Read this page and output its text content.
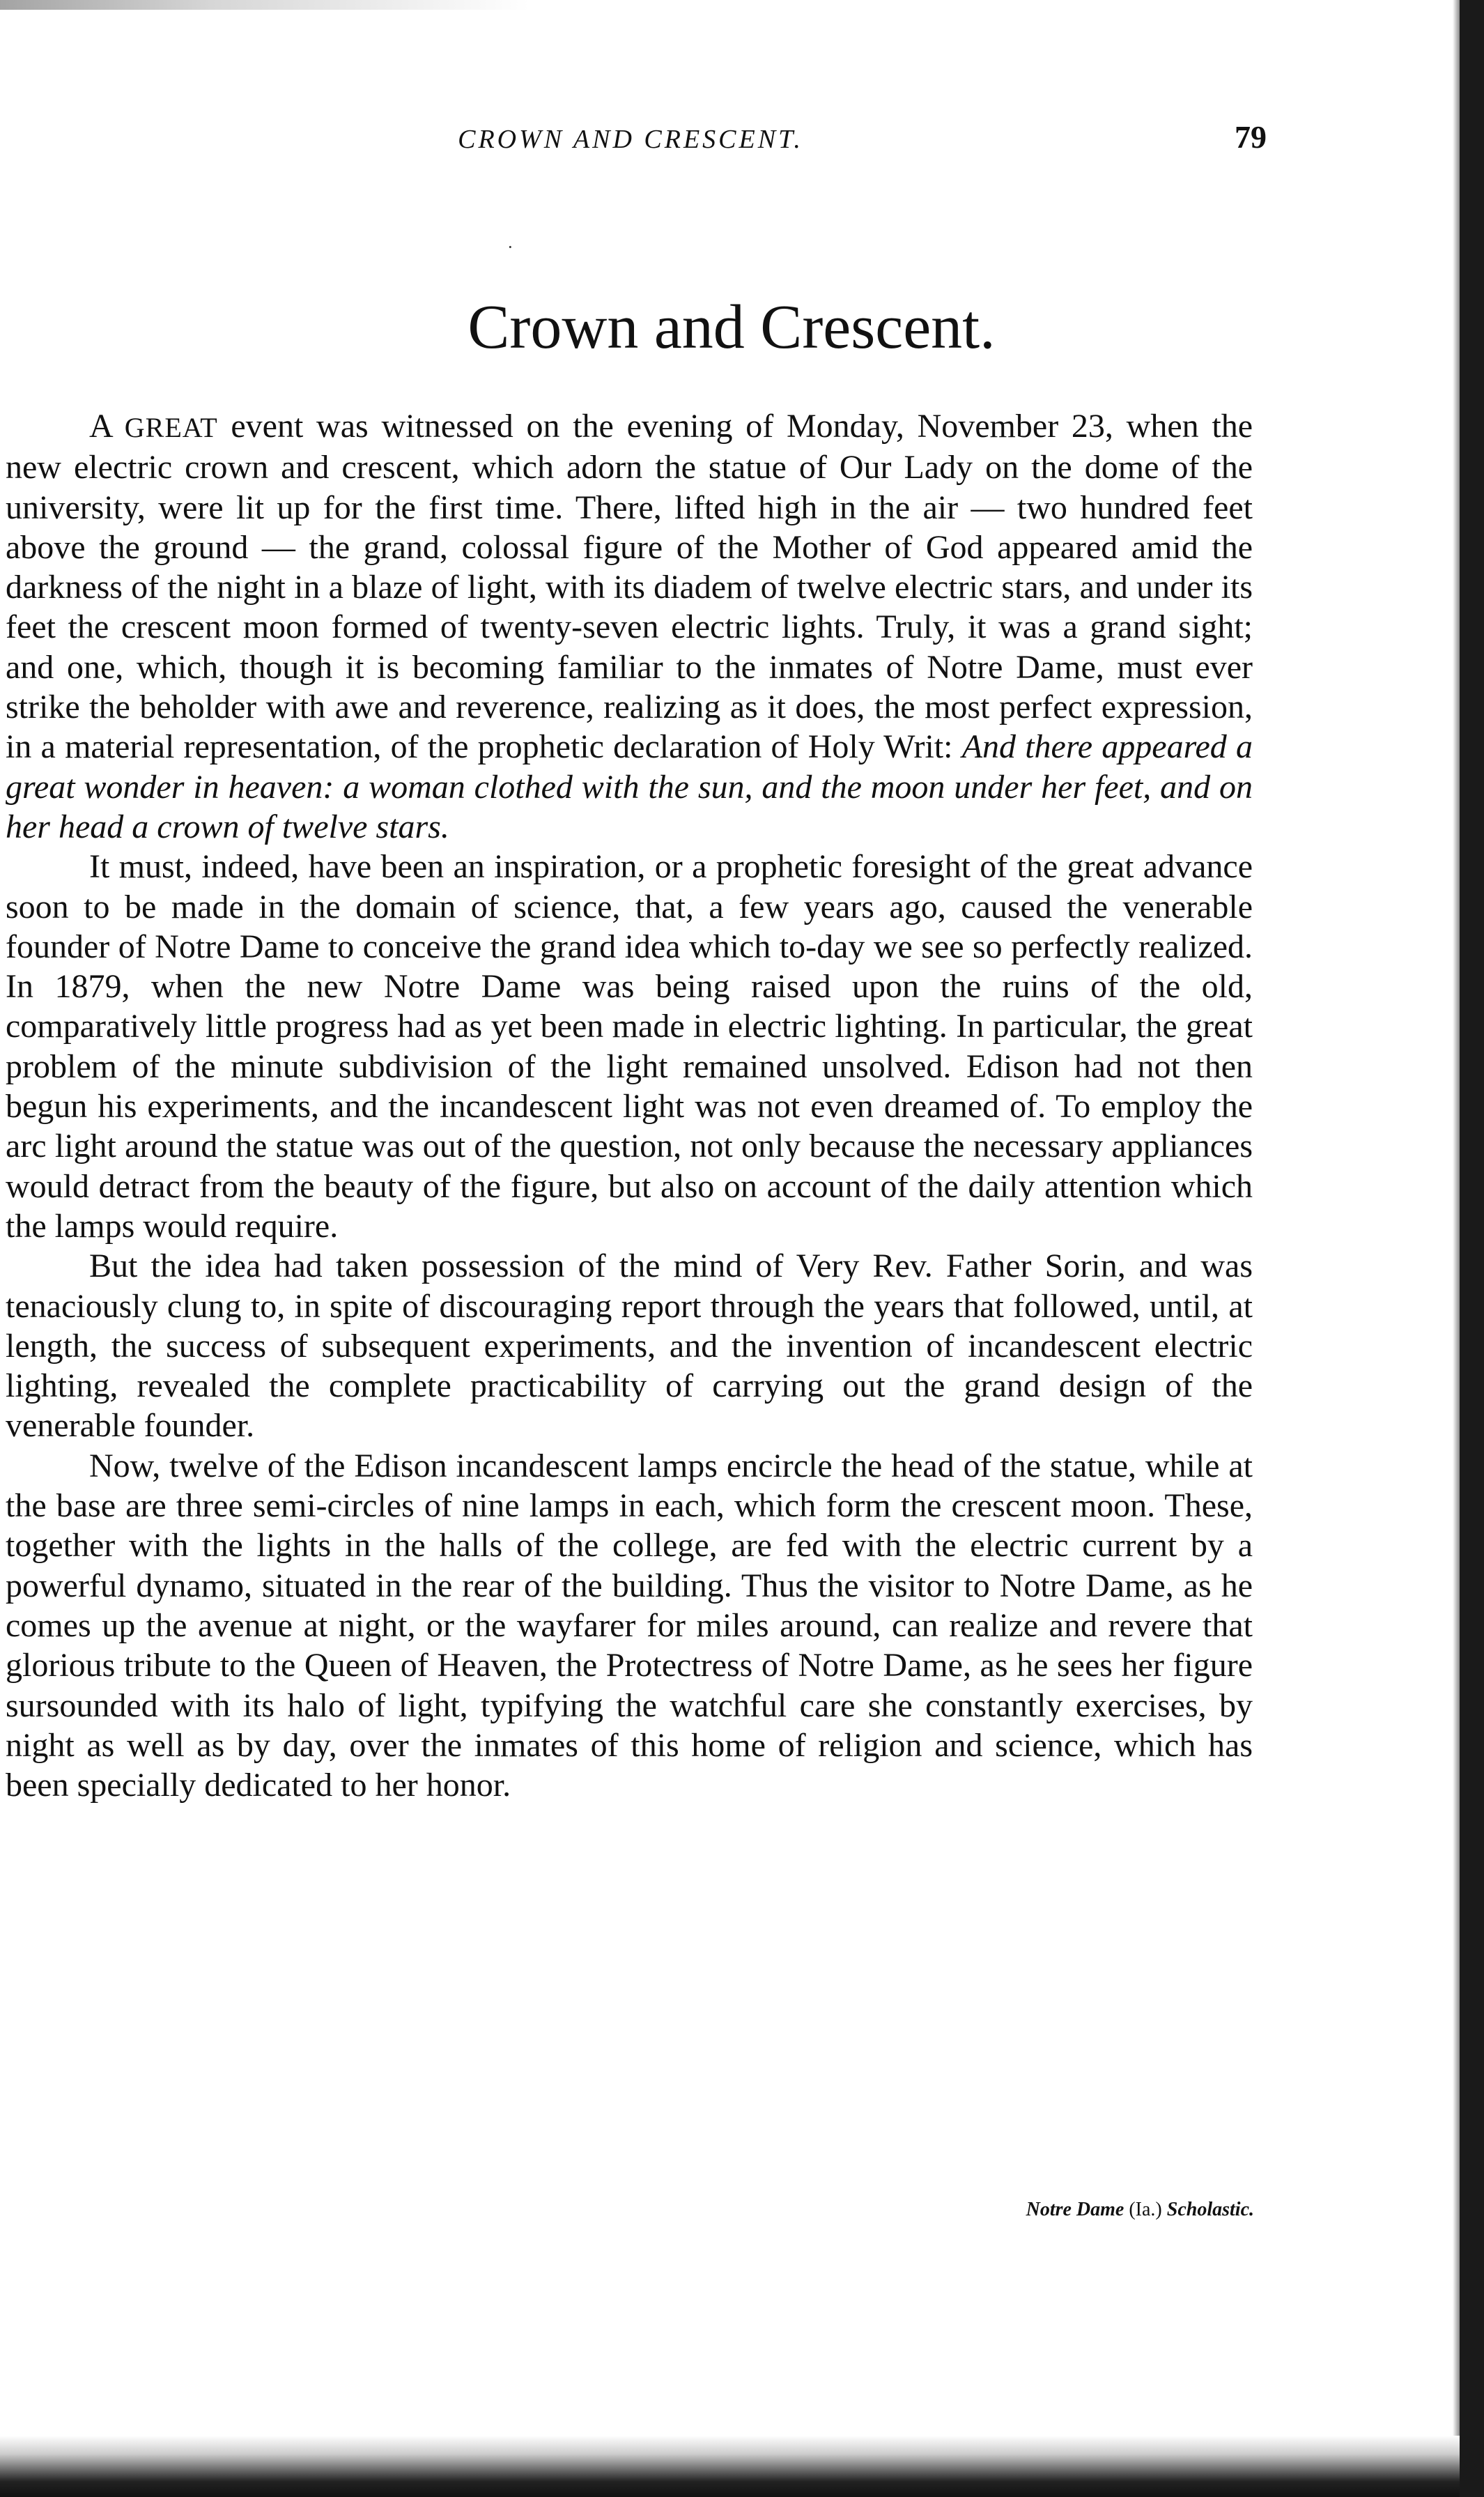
CROWN AND CRESCENT.	79
·
Crown and Crescent.

A GREAT event was witnessed on the evening of Monday, November 23, when the new electric crown and crescent, which adorn the statue of Our Lady on the dome of the university, were lit up for the first time. There, lifted high in the air — two hundred feet above the ground — the grand, colossal figure of the Mother of God appeared amid the darkness of the night in a blaze of light, with its diadem of twelve electric stars, and under its feet the crescent moon formed of twenty-seven electric lights. Truly, it was a grand sight; and one, which, though it is becoming familiar to the inmates of Notre Dame, must ever strike the beholder with awe and reverence, realizing as it does, the most perfect expression, in a material representation, of the prophetic declaration of Holy Writ: And there appeared a great wonder in heaven: a woman clothed with the sun, and the moon under her feet, and on her head a crown of twelve stars.

It must, indeed, have been an inspiration, or a prophetic foresight of the great advance soon to be made in the domain of science, that, a few years ago, caused the venerable founder of Notre Dame to conceive the grand idea which to-day we see so perfectly realized. In 1879, when the new Notre Dame was being raised upon the ruins of the old, comparatively little progress had as yet been made in electric lighting. In particular, the great problem of the minute subdivision of the light remained unsolved. Edison had not then begun his experiments, and the incandescent light was not even dreamed of. To employ the arc light around the statue was out of the question, not only because the necessary appliances would detract from the beauty of the figure, but also on account of the daily attention which the lamps would require.

But the idea had taken possession of the mind of Very Rev. Father Sorin, and was tenaciously clung to, in spite of discouraging report through the years that followed, until, at length, the success of subsequent experiments, and the invention of incandescent electric lighting, revealed the complete practicability of carrying out the grand design of the venerable founder.

Now, twelve of the Edison incandescent lamps encircle the head of the statue, while at the base are three semi-circles of nine lamps in each, which form the crescent moon. These, together with the lights in the halls of the college, are fed with the electric current by a powerful dynamo, situated in the rear of the building. Thus the visitor to Notre Dame, as he comes up the avenue at night, or the wayfarer for miles around, can realize and revere that glorious tribute to the Queen of Heaven, the Protectress of Notre Dame, as he sees her figure sursounded with its halo of light, typifying the watchful care she constantly exercises, by night as well as by day, over the inmates of this home of religion and science, which has been specially dedicated to her honor.

Notre Dame (Ia.) Scholastic.
